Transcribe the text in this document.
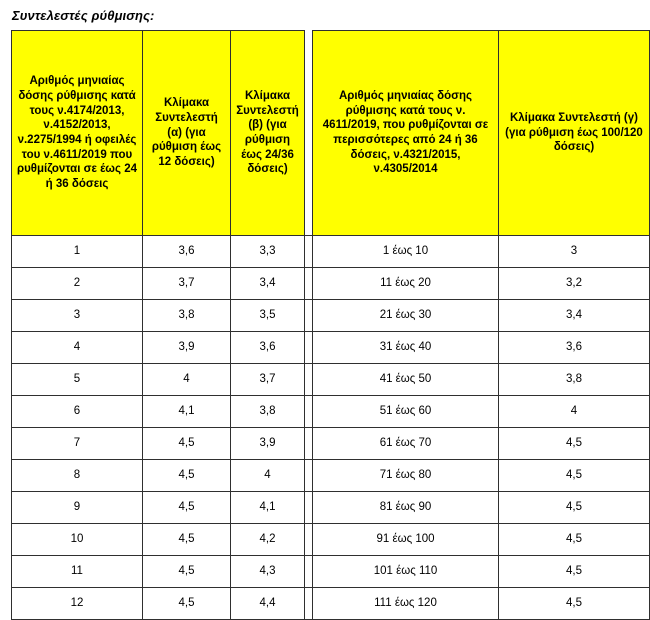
Συντελεστές ρύθμισης:
Αριθμός μηνιαίας δόσης ρύθμισης κατά τους ν.4174/2013, ν.4152/2013, ν.2275/1994 ή οφειλές του ν.4611/2019 που ρυθμίζονται σε έως 24 ή 36 δόσεις	Κλίμακα Συντελεστή (α) (για ρύθμιση έως 12 δόσεις)	Κλίμακα Συντελεστή (β) (για ρύθμιση έως 24/36 δόσεις)		Αριθμός μηνιαίας δόσης ρύθμισης κατά τους ν. 4611/2019, που ρυθμίζονται σε περισσότερες από 24 ή 36 δόσεις, ν.4321/2015, ν.4305/2014	Κλίμακα Συντελεστή (γ) (για ρύθμιση έως 100/120 δόσεις)
1	3,6	3,3		1 έως 10	3
2	3,7	3,4		11 έως 20	3,2
3	3,8	3,5		21 έως 30	3,4
4	3,9	3,6		31 έως 40	3,6
5	4	3,7		41 έως 50	3,8
6	4,1	3,8		51 έως 60	4
7	4,5	3,9		61 έως 70	4,5
8	4,5	4		71 έως 80	4,5
9	4,5	4,1		81 έως 90	4,5
10	4,5	4,2		91 έως 100	4,5
11	4,5	4,3		101 έως 110	4,5
12	4,5	4,4		111 έως 120	4,5
